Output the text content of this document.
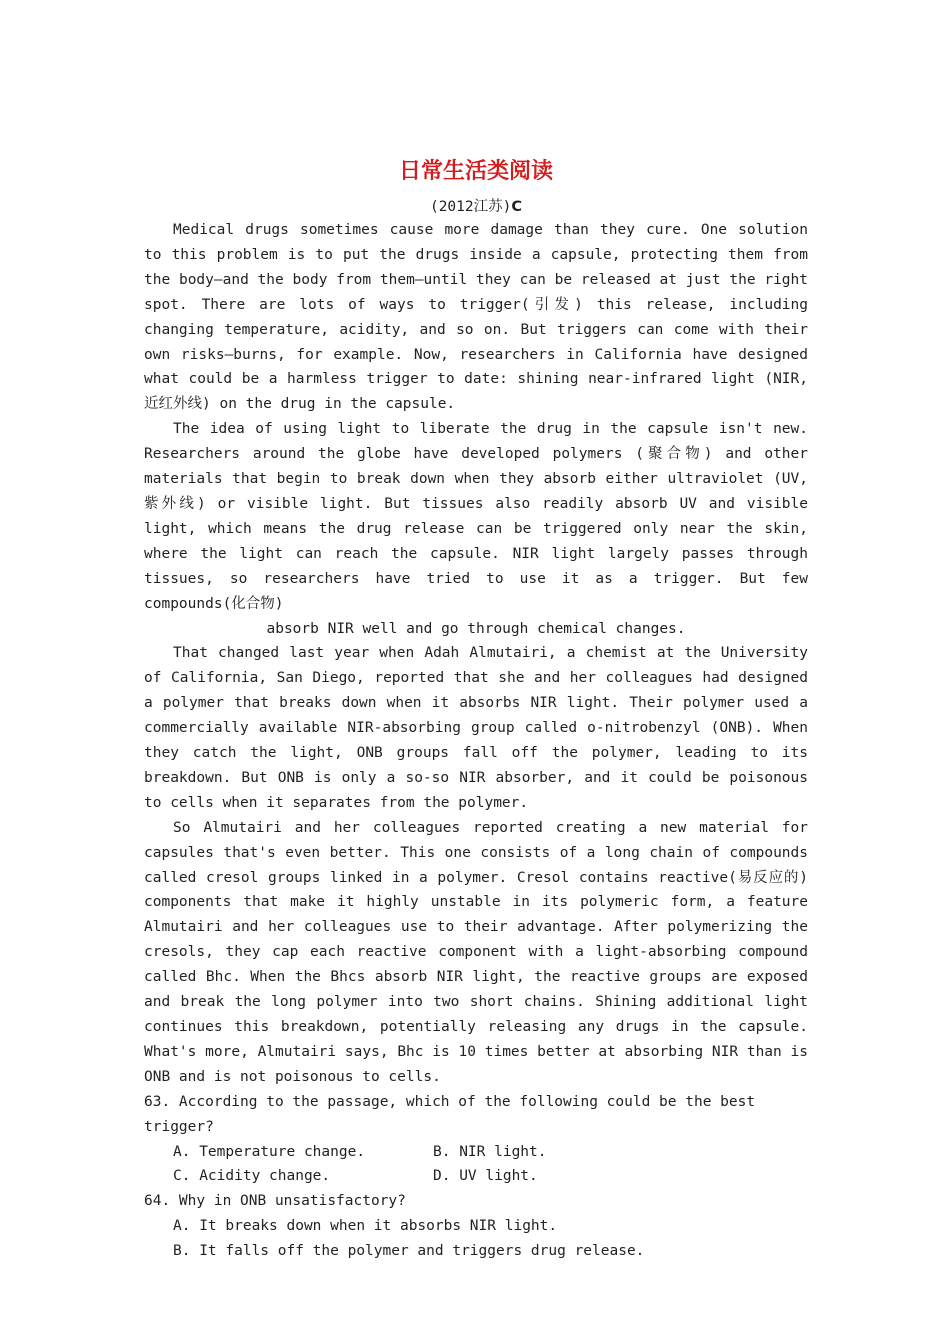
日常生活类阅读
(2012江苏)C

Medical drugs sometimes cause more damage than they cure. One solution to this problem is to put the drugs inside a capsule, protecting them from the body—and the body from them—until they can be released at just the right spot. There are lots of ways to trigger(引发) this release, including changing temperature, acidity, and so on. But triggers can come with their own risks—burns, for example. Now, researchers in California have designed what could be a harmless trigger to date: shining near-infrared light (NIR,近红外线) on the drug in the capsule.

The idea of using light to liberate the drug in the capsule isn't new. Researchers around the globe have developed polymers (聚合物) and other materials that begin to break down when they absorb either ultraviolet (UV,紫外线) or visible light. But tissues also readily absorb UV and visible light, which means the drug release can be triggered only near the skin, where the light can reach the capsule. NIR light largely passes through tissues, so researchers have tried to use it as a trigger. But few compounds(化合物)
absorb NIR well and go through chemical changes.

That changed last year when Adah Almutairi, a chemist at the University of California, San Diego, reported that she and her colleagues had designed a polymer that breaks down when it absorbs NIR light. Their polymer used a commercially available NIR-absorbing group called o-nitrobenzyl (ONB). When they catch the light, ONB groups fall off the polymer, leading to its breakdown. But ONB is only a so-so NIR absorber, and it could be poisonous to cells when it separates from the polymer.

So Almutairi and her colleagues reported creating a new material for capsules that's even better. This one consists of a long chain of compounds called cresol groups linked in a polymer. Cresol contains reactive(易反应的) components that make it highly unstable in its polymeric form, a feature Almutairi and her colleagues use to their advantage. After polymerizing the cresols, they cap each reactive component with a light-absorbing compound called Bhc. When the Bhcs absorb NIR light, the reactive groups are exposed and break the long polymer into two short chains. Shining additional light continues this breakdown, potentially releasing any drugs in the capsule. What's more, Almutairi says, Bhc is 10 times better at absorbing NIR than is ONB and is not poisonous to cells.

63. According to the passage, which of the following could be the best trigger?

A. Temperature change.	B. NIR light.
C. Acidity change.	D. UV light.

64. Why in ONB unsatisfactory?

A. It breaks down when it absorbs NIR light.

B. It falls off the polymer and triggers drug release.
